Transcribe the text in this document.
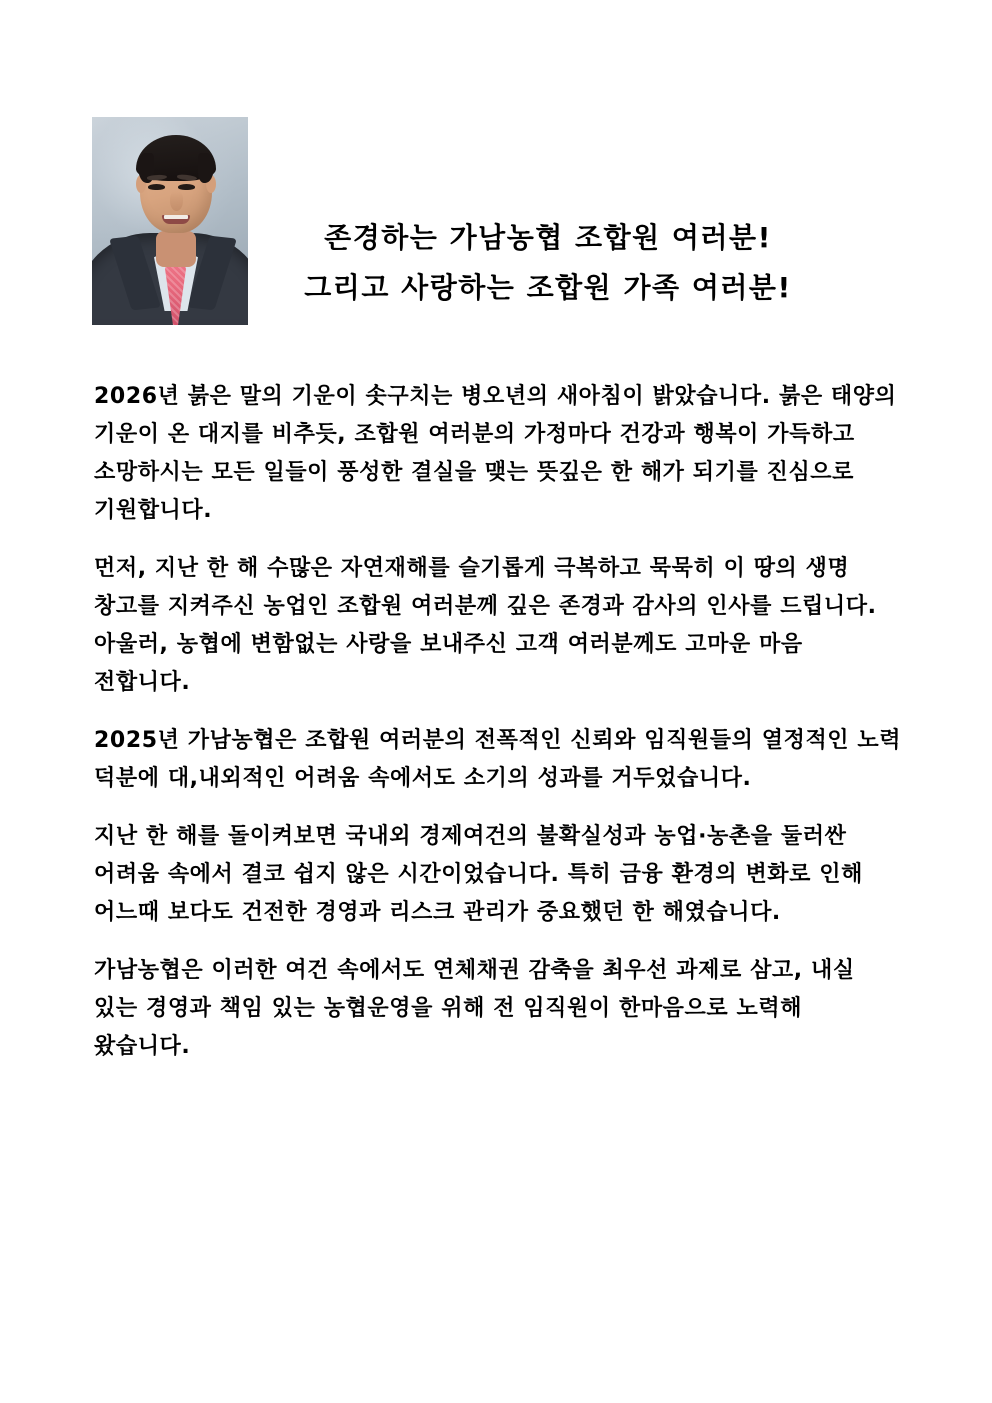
존경하는 가남농협 조합원 여러분!
그리고 사랑하는 조합원 가족 여러분!

2026년 붉은 말의 기운이 솟구치는 병오년의 새아침이 밝았습니다. 붉은 태양의 기운이 온 대지를 비추듯, 조합원 여러분의 가정마다 건강과 행복이 가득하고 소망하시는 모든 일들이 풍성한 결실을 맺는 뜻깊은 한 해가 되기를 진심으로 기원합니다.

먼저, 지난 한 해 수많은 자연재해를 슬기롭게 극복하고 묵묵히 이 땅의 생명 창고를 지켜주신 농업인 조합원 여러분께 깊은 존경과 감사의 인사를 드립니다. 아울러, 농협에 변함없는 사랑을 보내주신 고객 여러분께도 고마운 마음 전합니다.

2025년 가남농협은 조합원 여러분의 전폭적인 신뢰와 임직원들의 열정적인 노력 덕분에 대,내외적인 어려움 속에서도 소기의 성과를 거두었습니다.

지난 한 해를 돌이켜보면 국내외 경제여건의 불확실성과 농업·농촌을 둘러싼 어려움 속에서 결코 쉽지 않은 시간이었습니다. 특히 금융 환경의 변화로 인해 어느때 보다도 건전한 경영과 리스크 관리가 중요했던 한 해였습니다.

가남농협은 이러한 여건 속에서도 연체채권 감축을 최우선 과제로 삼고, 내실 있는 경영과 책임 있는 농협운영을 위해 전 임직원이 한마음으로 노력해 왔습니다.
